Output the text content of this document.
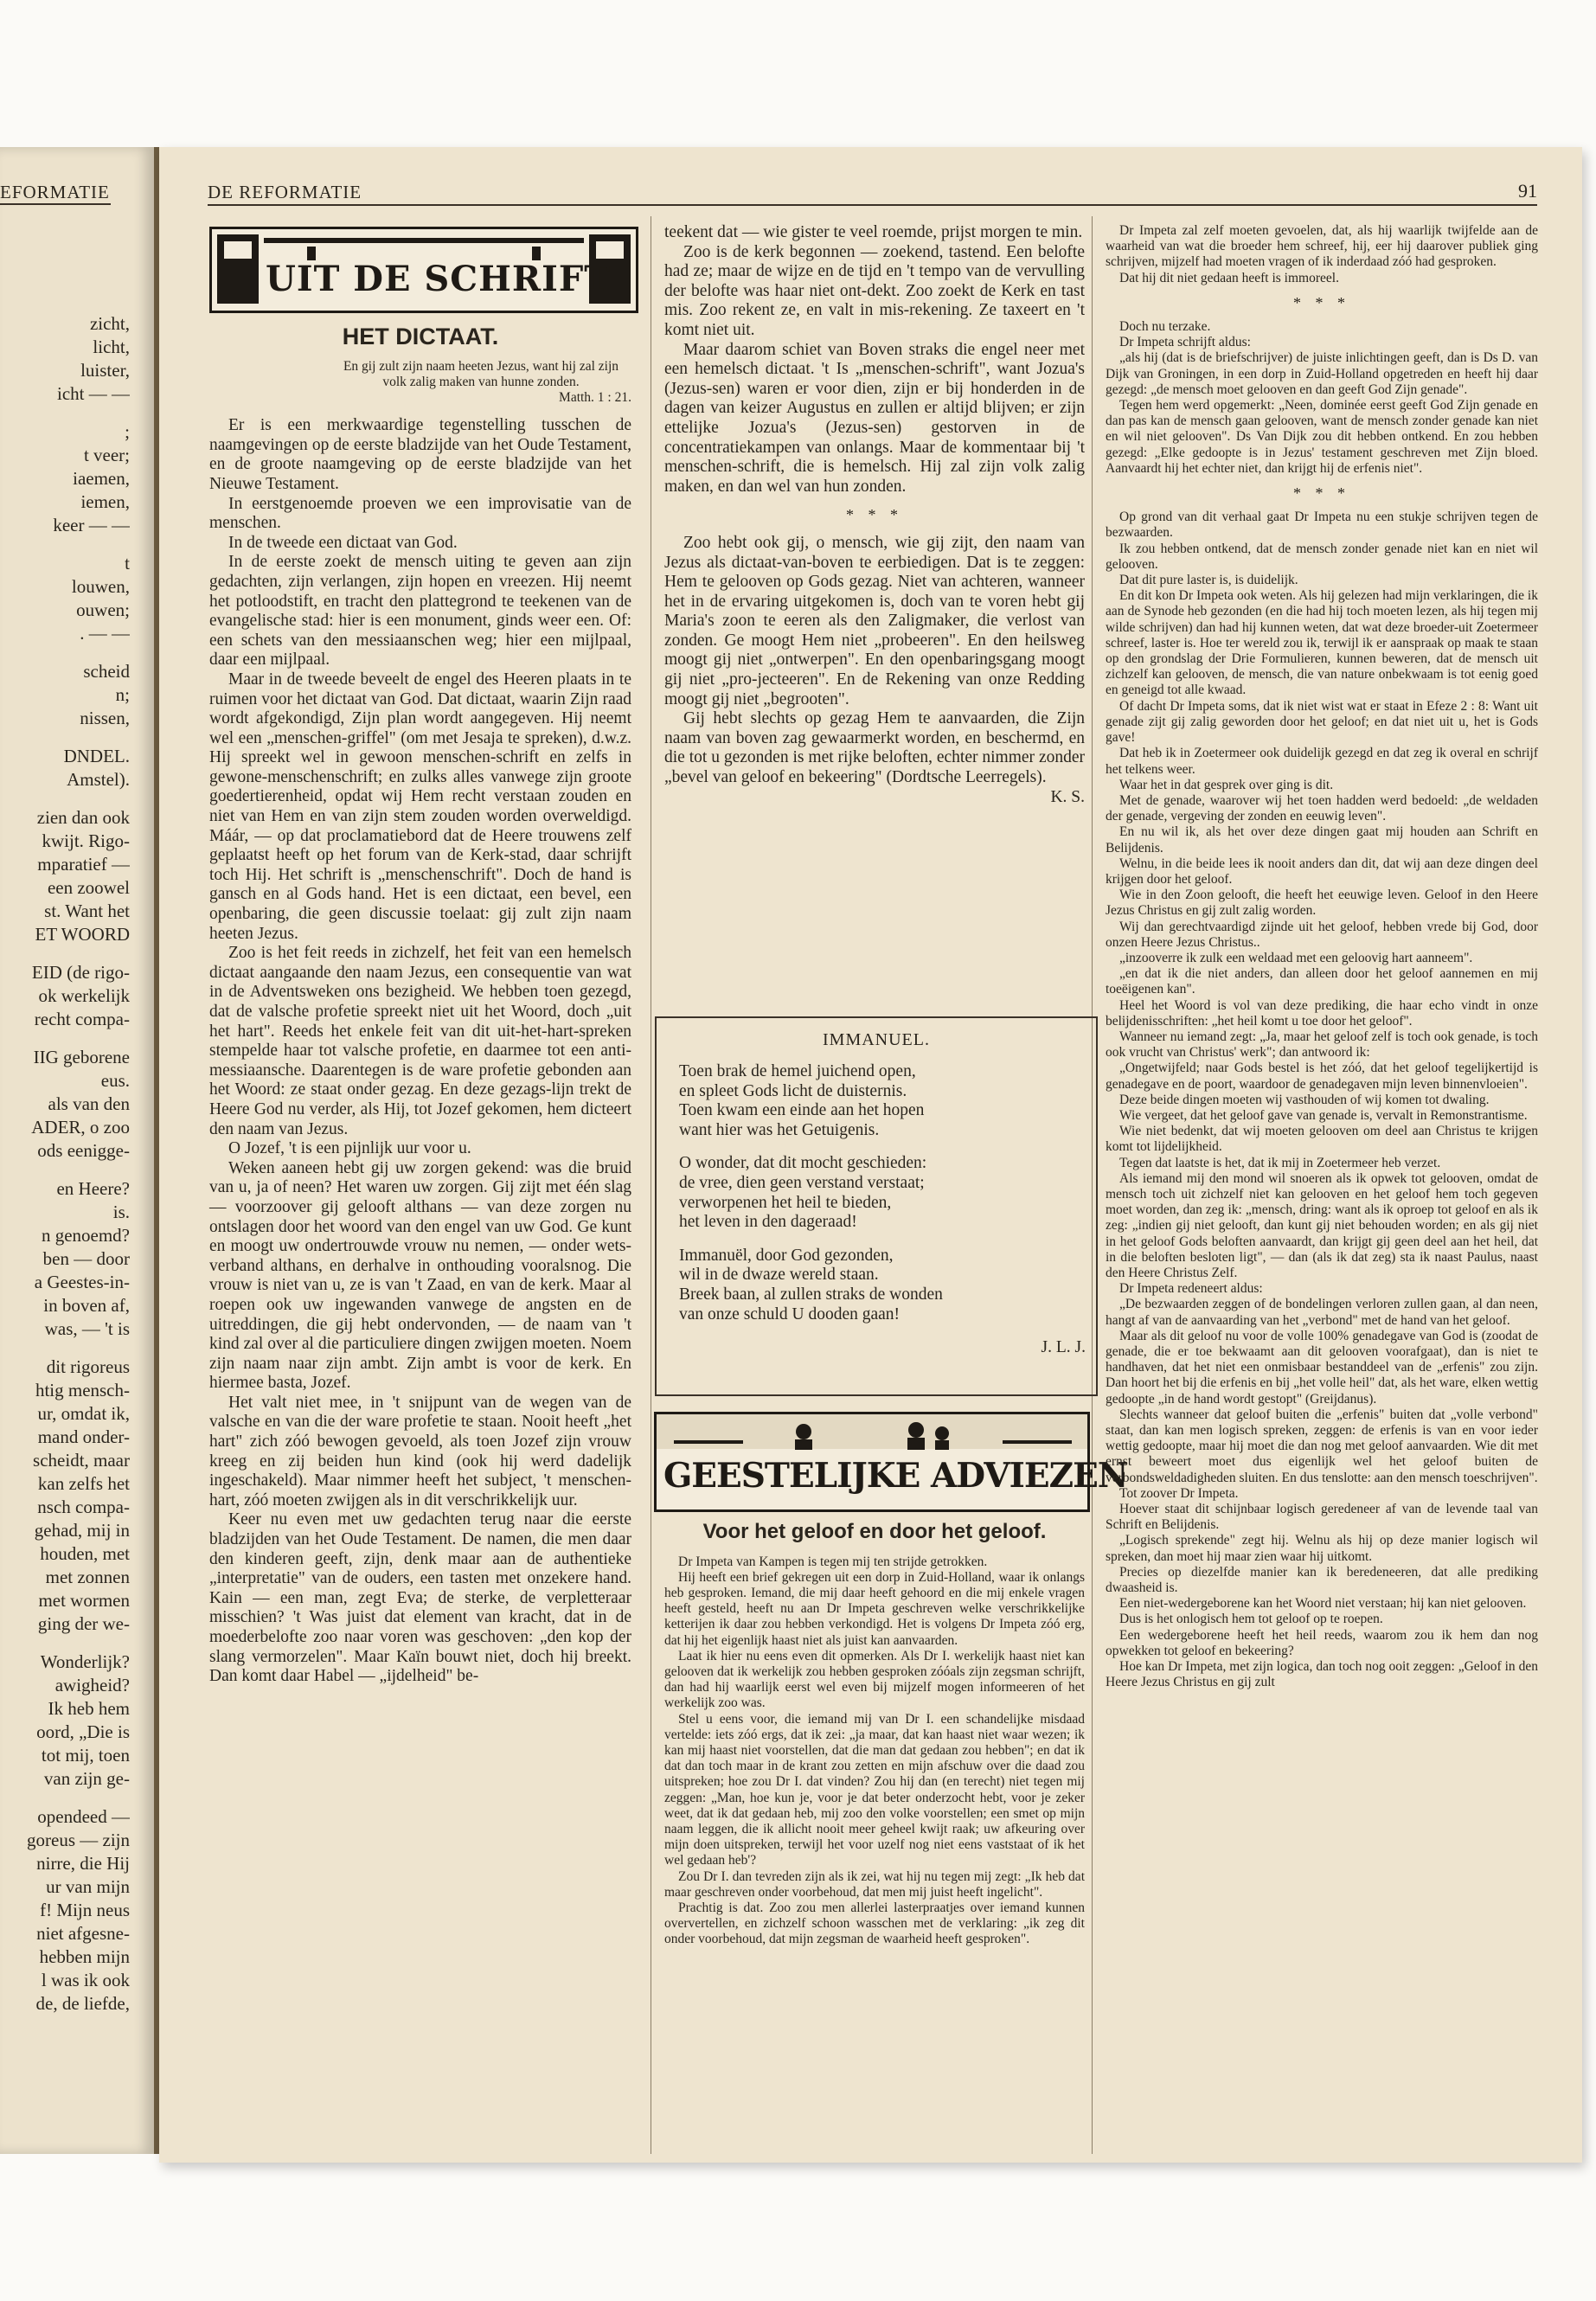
EFORMATIE
zicht,
licht,
luister,
icht — —
;
t veer;
iaemen,
iemen,
keer — —
t
louwen,
ouwen;
. — —
scheid
n;
nissen,
DNDEL.
Amstel).
zien dan ook
kwijt. Rigo-
mparatief —
een zoowel
st. Want het
ET WOORD
EID (de rigo-
ok werkelijk
recht compa-
IIG geborene
eus.
als van den
ADER, o zoo
ods eenigge-
en Heere?
is.
n genoemd?
ben — door
a Geestes-in-
in boven af,
was, — 't is
dit rigoreus
htig mensch-
ur, omdat ik,
mand onder-
scheidt, maar
kan zelfs het
nsch compa-
gehad, mij in
houden, met
met zonnen
met wormen
ging der we-
Wonderlijk?
awigheid?
Ik heb hem
oord, „Die is
tot mij, toen
van zijn ge-
opendeed —
goreus — zijn
nirre, die Hij
ur van mijn
f! Mijn neus
niet afgesne-
hebben mijn
l was ik ook
de, de liefde,
DE REFORMATIE	91
UIT DE SCHRIFT
HET DICTAAT.
En gij zult zijn naam heeten Jezus, want hij zal zijn volk zalig maken van hunne zonden.
Matth. 1 : 21.

Er is een merkwaardige tegenstelling tusschen de naamgevingen op de eerste bladzijde van het Oude Testament, en de groote naamgeving op de eerste bladzijde van het Nieuwe Testament.

In eerstgenoemde proeven we een improvisatie van de menschen.

In de tweede een dictaat van God.

In de eerste zoekt de mensch uiting te geven aan zijn gedachten, zijn verlangen, zijn hopen en vreezen. Hij neemt het potloodstift, en tracht den plattegrond te teekenen van de evangelische stad: hier is een monument, ginds weer een. Of: een schets van den messiaanschen weg; hier een mijlpaal, daar een mijlpaal.

Maar in de tweede beveelt de engel des Heeren plaats in te ruimen voor het dictaat van God. Dat dictaat, waarin Zijn raad wordt afgekondigd, Zijn plan wordt aangegeven. Hij neemt wel een „menschen-griffel" (om met Jesaja te spreken), d.w.z. Hij spreekt wel in gewoon menschen-schrift en zelfs in gewone-menschenschrift; en zulks alles vanwege zijn groote goedertierenheid, opdat wij Hem recht verstaan zouden en niet van Hem en van zijn stem zouden worden overweldigd. Máár, — op dat proclamatiebord dat de Heere trouwens zelf geplaatst heeft op het forum van de Kerk-stad, daar schrijft toch Hij. Het schrift is „menschenschrift". Doch de hand is gansch en al Gods hand. Het is een dictaat, een bevel, een openbaring, die geen discussie toelaat: gij zult zijn naam heeten Jezus.

Zoo is het feit reeds in zichzelf, het feit van een hemelsch dictaat aangaande den naam Jezus, een consequentie van wat in de Adventsweken ons bezigheid. We hebben toen gezegd, dat de valsche profetie spreekt niet uit het Woord, doch „uit het hart". Reeds het enkele feit van dit uit-het-hart-spreken stempelde haar tot valsche profetie, en daarmee tot een anti-messiaansche. Daarentegen is de ware profetie gebonden aan het Woord: ze staat onder gezag. En deze gezags-lijn trekt de Heere God nu verder, als Hij, tot Jozef gekomen, hem dicteert den naam van Jezus.

O Jozef, 't is een pijnlijk uur voor u.

Weken aaneen hebt gij uw zorgen gekend: was die bruid van u, ja of neen? Het waren uw zorgen. Gij zijt met één slag — voorzoover gij gelooft althans — van deze zorgen nu ontslagen door het woord van den engel van uw God. Ge kunt en moogt uw ondertrouwde vrouw nu nemen, — onder wets-verband althans, en derhalve in onthouding vooralsnog. Die vrouw is niet van u, ze is van 't Zaad, en van de kerk. Maar al roepen ook uw ingewanden vanwege de angsten en de uitreddingen, die gij hebt ondervonden, — de naam van 't kind zal over al die particuliere dingen zwijgen moeten. Noem zijn naam naar zijn ambt. Zijn ambt is voor de kerk. En hiermee basta, Jozef.

Het valt niet mee, in 't snijpunt van de wegen van de valsche en van die der ware profetie te staan. Nooit heeft „het hart" zich zóó bewogen gevoeld, als toen Jozef zijn vrouw kreeg en zij beiden hun kind (ook hij werd dadelijk ingeschakeld). Maar nimmer heeft het subject, 't menschen-hart, zóó moeten zwijgen als in dit verschrikkelijk uur.

Keer nu even met uw gedachten terug naar die eerste bladzijden van het Oude Testament. De namen, die men daar den kinderen geeft, zijn, denk maar aan de authentieke „interpretatie" van de ouders, een tasten met onzekere hand. Kain — een man, zegt Eva; de sterke, de verpletteraar misschien? 't Was juist dat element van kracht, dat in de moederbelofte zoo naar voren was geschoven: „den kop der slang vermorzelen". Maar Kaïn bouwt niet, doch hij breekt. Dan komt daar Habel — „ijdelheid" be-

teekent dat — wie gister te veel roemde, prijst morgen te min.

Zoo is de kerk begonnen — zoekend, tastend. Een belofte had ze; maar de wijze en de tijd en 't tempo van de vervulling der belofte was haar niet ont-dekt. Zoo zoekt de Kerk en tast mis. Zoo rekent ze, en valt in mis-rekening. Ze taxeert en 't komt niet uit.

Maar daarom schiet van Boven straks die engel neer met een hemelsch dictaat. 't Is „menschen-schrift", want Jozua's (Jezus-sen) waren er voor dien, zijn er bij honderden in de dagen van keizer Augustus en zullen er altijd blijven; er zijn ettelijke Jozua's (Jezus-sen) gestorven in de concentratiekampen van onlangs. Maar de kommentaar bij 't menschen-schrift, die is hemelsch. Hij zal zijn volk zalig maken, en dan wel van hun zonden.

* * *

Zoo hebt ook gij, o mensch, wie gij zijt, den naam van Jezus als dictaat-van-boven te eerbiedigen. Dat is te zeggen: Hem te gelooven op Gods gezag. Niet van achteren, wanneer het in de ervaring uitgekomen is, doch van te voren hebt gij Maria's zoon te eeren als den Zaligmaker, die verlost van zonden. Ge moogt Hem niet „probeeren". En den heilsweg moogt gij niet „ontwerpen". En den openbaringsgang moogt gij niet „pro-jecteeren". En de Rekening van onze Redding moogt gij niet „begrooten".

Gij hebt slechts op gezag Hem te aanvaarden, die Zijn naam van boven zag gewaarmerkt worden, en beschermd, en die tot u gezonden is met rijke beloften, echter nimmer zonder „bevel van geloof en bekeering" (Dordtsche Leerregels).

K. S.
IMMANUEL.
Toen brak de hemel juichend open,
en spleet Gods licht de duisternis.
Toen kwam een einde aan het hopen
want hier was het Getuigenis.
O wonder, dat dit mocht geschieden:
de vree, dien geen verstand verstaat;
verworpenen het heil te bieden,
het leven in den dageraad!
Immanuël, door God gezonden,
wil in de dwaze wereld staan.
Breek baan, al zullen straks de wonden
van onze schuld U dooden gaan!
J. L. J.
GEESTELIJKE ADVIEZEN
Voor het geloof en door het geloof.

Dr Impeta van Kampen is tegen mij ten strijde getrokken.

Hij heeft een brief gekregen uit een dorp in Zuid-Holland, waar ik onlangs heb gesproken. Iemand, die mij daar heeft gehoord en die mij enkele vragen heeft gesteld, heeft nu aan Dr Impeta geschreven welke verschrikkelijke ketterijen ik daar zou hebben verkondigd. Het is volgens Dr Impeta zóó erg, dat hij het eigenlijk haast niet als juist kan aanvaarden.

Laat ik hier nu eens even dit opmerken. Als Dr I. werkelijk haast niet kan gelooven dat ik werkelijk zou hebben gesproken zóóals zijn zegsman schrijft, dan had hij waarlijk eerst wel even bij mijzelf mogen informeeren of het werkelijk zoo was.

Stel u eens voor, die iemand mij van Dr I. een schandelijke misdaad vertelde: iets zóó ergs, dat ik zei: „ja maar, dat kan haast niet waar wezen; ik kan mij haast niet voorstellen, dat die man dat gedaan zou hebben"; en dat ik dat dan toch maar in de krant zou zetten en mijn afschuw over die daad zou uitspreken; hoe zou Dr I. dat vinden? Zou hij dan (en terecht) niet tegen mij zeggen: „Man, hoe kun je, voor je dat beter onderzocht hebt, voor je zeker weet, dat ik dat gedaan heb, mij zoo den volke voorstellen; een smet op mijn naam leggen, die ik allicht nooit meer geheel kwijt raak; uw afkeuring over mijn doen uitspreken, terwijl het voor uzelf nog niet eens vaststaat of ik het wel gedaan heb'?

Zou Dr I. dan tevreden zijn als ik zei, wat hij nu tegen mij zegt: „Ik heb dat maar geschreven onder voorbehoud, dat men mij juist heeft ingelicht".

Prachtig is dat. Zoo zou men allerlei lasterpraatjes over iemand kunnen oververtellen, en zichzelf schoon wasschen met de verklaring: „ik zeg dit onder voorbehoud, dat mijn zegsman de waarheid heeft gesproken".

Dr Impeta zal zelf moeten gevoelen, dat, als hij waarlijk twijfelde aan de waarheid van wat die broeder hem schreef, hij, eer hij daarover publiek ging schrijven, mijzelf had moeten vragen of ik inderdaad zóó had gesproken.

Dat hij dit niet gedaan heeft is immoreel.

* * *

Doch nu terzake.

Dr Impeta schrijft aldus:

„als hij (dat is de briefschrijver) de juiste inlichtingen geeft, dan is Ds D. van Dijk van Groningen, in een dorp in Zuid-Holland opgetreden en heeft hij daar gezegd: „de mensch moet gelooven en dan geeft God Zijn genade".

Tegen hem werd opgemerkt: „Neen, dominée eerst geeft God Zijn genade en dan pas kan de mensch gaan gelooven, want de mensch zonder genade kan niet en wil niet gelooven". Ds Van Dijk zou dit hebben ontkend. En zou hebben gezegd: „Elke gedoopte is in Jezus' testament geschreven met Zijn bloed. Aanvaardt hij het echter niet, dan krijgt hij de erfenis niet".

* * *

Op grond van dit verhaal gaat Dr Impeta nu een stukje schrijven tegen de bezwaarden.

Ik zou hebben ontkend, dat de mensch zonder genade niet kan en niet wil gelooven.

Dat dit pure laster is, is duidelijk.

En dit kon Dr Impeta ook weten. Als hij gelezen had mijn verklaringen, die ik aan de Synode heb gezonden (en die had hij toch moeten lezen, als hij tegen mij wilde schrijven) dan had hij kunnen weten, dat wat deze broeder-uit Zoetermeer schreef, laster is. Hoe ter wereld zou ik, terwijl ik er aanspraak op maak te staan op den grondslag der Drie Formulieren, kunnen beweren, dat de mensch uit zichzelf kan gelooven, de mensch, die van nature onbekwaam is tot eenig goed en geneigd tot alle kwaad.

Of dacht Dr Impeta soms, dat ik niet wist wat er staat in Efeze 2 : 8: Want uit genade zijt gij zalig geworden door het geloof; en dat niet uit u, het is Gods gave!

Dat heb ik in Zoetermeer ook duidelijk gezegd en dat zeg ik overal en schrijf het telkens weer.

Waar het in dat gesprek over ging is dit.

Met de genade, waarover wij het toen hadden werd bedoeld: „de weldaden der genade, vergeving der zonden en eeuwig leven".

En nu wil ik, als het over deze dingen gaat mij houden aan Schrift en Belijdenis.

Welnu, in die beide lees ik nooit anders dan dit, dat wij aan deze dingen deel krijgen door het geloof.

Wie in den Zoon gelooft, die heeft het eeuwige leven. Geloof in den Heere Jezus Christus en gij zult zalig worden.

Wij dan gerechtvaardigd zijnde uit het geloof, hebben vrede bij God, door onzen Heere Jezus Christus..

„inzooverre ik zulk een weldaad met een geloovig hart aanneem".

„en dat ik die niet anders, dan alleen door het geloof aannemen en mij toeëigenen kan".

Heel het Woord is vol van deze prediking, die haar echo vindt in onze belijdenisschriften: „het heil komt u toe door het geloof".

Wanneer nu iemand zegt: „Ja, maar het geloof zelf is toch ook genade, is toch ook vrucht van Christus' werk"; dan antwoord ik:

„Ongetwijfeld; naar Gods bestel is het zóó, dat het geloof tegelijkertijd is genadegave en de poort, waardoor de genadegaven mijn leven binnenvloeien".

Deze beide dingen moeten wij vasthouden of wij komen tot dwaling.

Wie vergeet, dat het geloof gave van genade is, vervalt in Remonstrantisme.

Wie niet bedenkt, dat wij moeten gelooven om deel aan Christus te krijgen komt tot lijdelijkheid.

Tegen dat laatste is het, dat ik mij in Zoetermeer heb verzet.

Als iemand mij den mond wil snoeren als ik opwek tot gelooven, omdat de mensch toch uit zichzelf niet kan gelooven en het geloof hem toch gegeven moet worden, dan zeg ik: „mensch, dring: want als ik oproep tot geloof en als ik zeg: „indien gij niet gelooft, dan kunt gij niet behouden worden; en als gij niet in het geloof Gods beloften aanvaardt, dan krijgt gij geen deel aan het heil, dat in die beloften besloten ligt", — dan (als ik dat zeg) sta ik naast Paulus, naast den Heere Christus Zelf.

Dr Impeta redeneert aldus:

„De bezwaarden zeggen of de bondelingen verloren zullen gaan, al dan neen, hangt af van de aanvaarding van het „verbond" met de hand van het geloof.

Maar als dit geloof nu voor de volle 100% genadegave van God is (zoodat de genade, die er toe bekwaamt aan dit gelooven voorafgaat), dan is niet te handhaven, dat het niet een onmisbaar bestanddeel van de „erfenis" zou zijn. Dan hoort het bij die erfenis en bij „het volle heil" dat, als het ware, elken wettig gedoopte „in de hand wordt gestopt" (Greijdanus).

Slechts wanneer dat geloof buiten die „erfenis" buiten dat „volle verbond" staat, dan kan men logisch spreken, zeggen: de erfenis is van en voor ieder wettig gedoopte, maar hij moet die dan nog met geloof aanvaarden. Wie dit met ernst beweert moet dus eigenlijk wel het geloof buiten de verbondsweldadigheden sluiten. En dus tenslotte: aan den mensch toeschrijven".

Tot zoover Dr Impeta.

Hoever staat dit schijnbaar logisch geredeneer af van de levende taal van Schrift en Belijdenis.

„Logisch sprekende" zegt hij. Welnu als hij op deze manier logisch wil spreken, dan moet hij maar zien waar hij uitkomt.

Precies op diezelfde manier kan ik beredeneeren, dat alle prediking dwaasheid is.

Een niet-wedergeborene kan het Woord niet verstaan; hij kan niet gelooven.

Dus is het onlogisch hem tot geloof op te roepen.

Een wedergeborene heeft het heil reeds, waarom zou ik hem dan nog opwekken tot geloof en bekeering?

Hoe kan Dr Impeta, met zijn logica, dan toch nog ooit zeggen: „Geloof in den Heere Jezus Christus en gij zult
